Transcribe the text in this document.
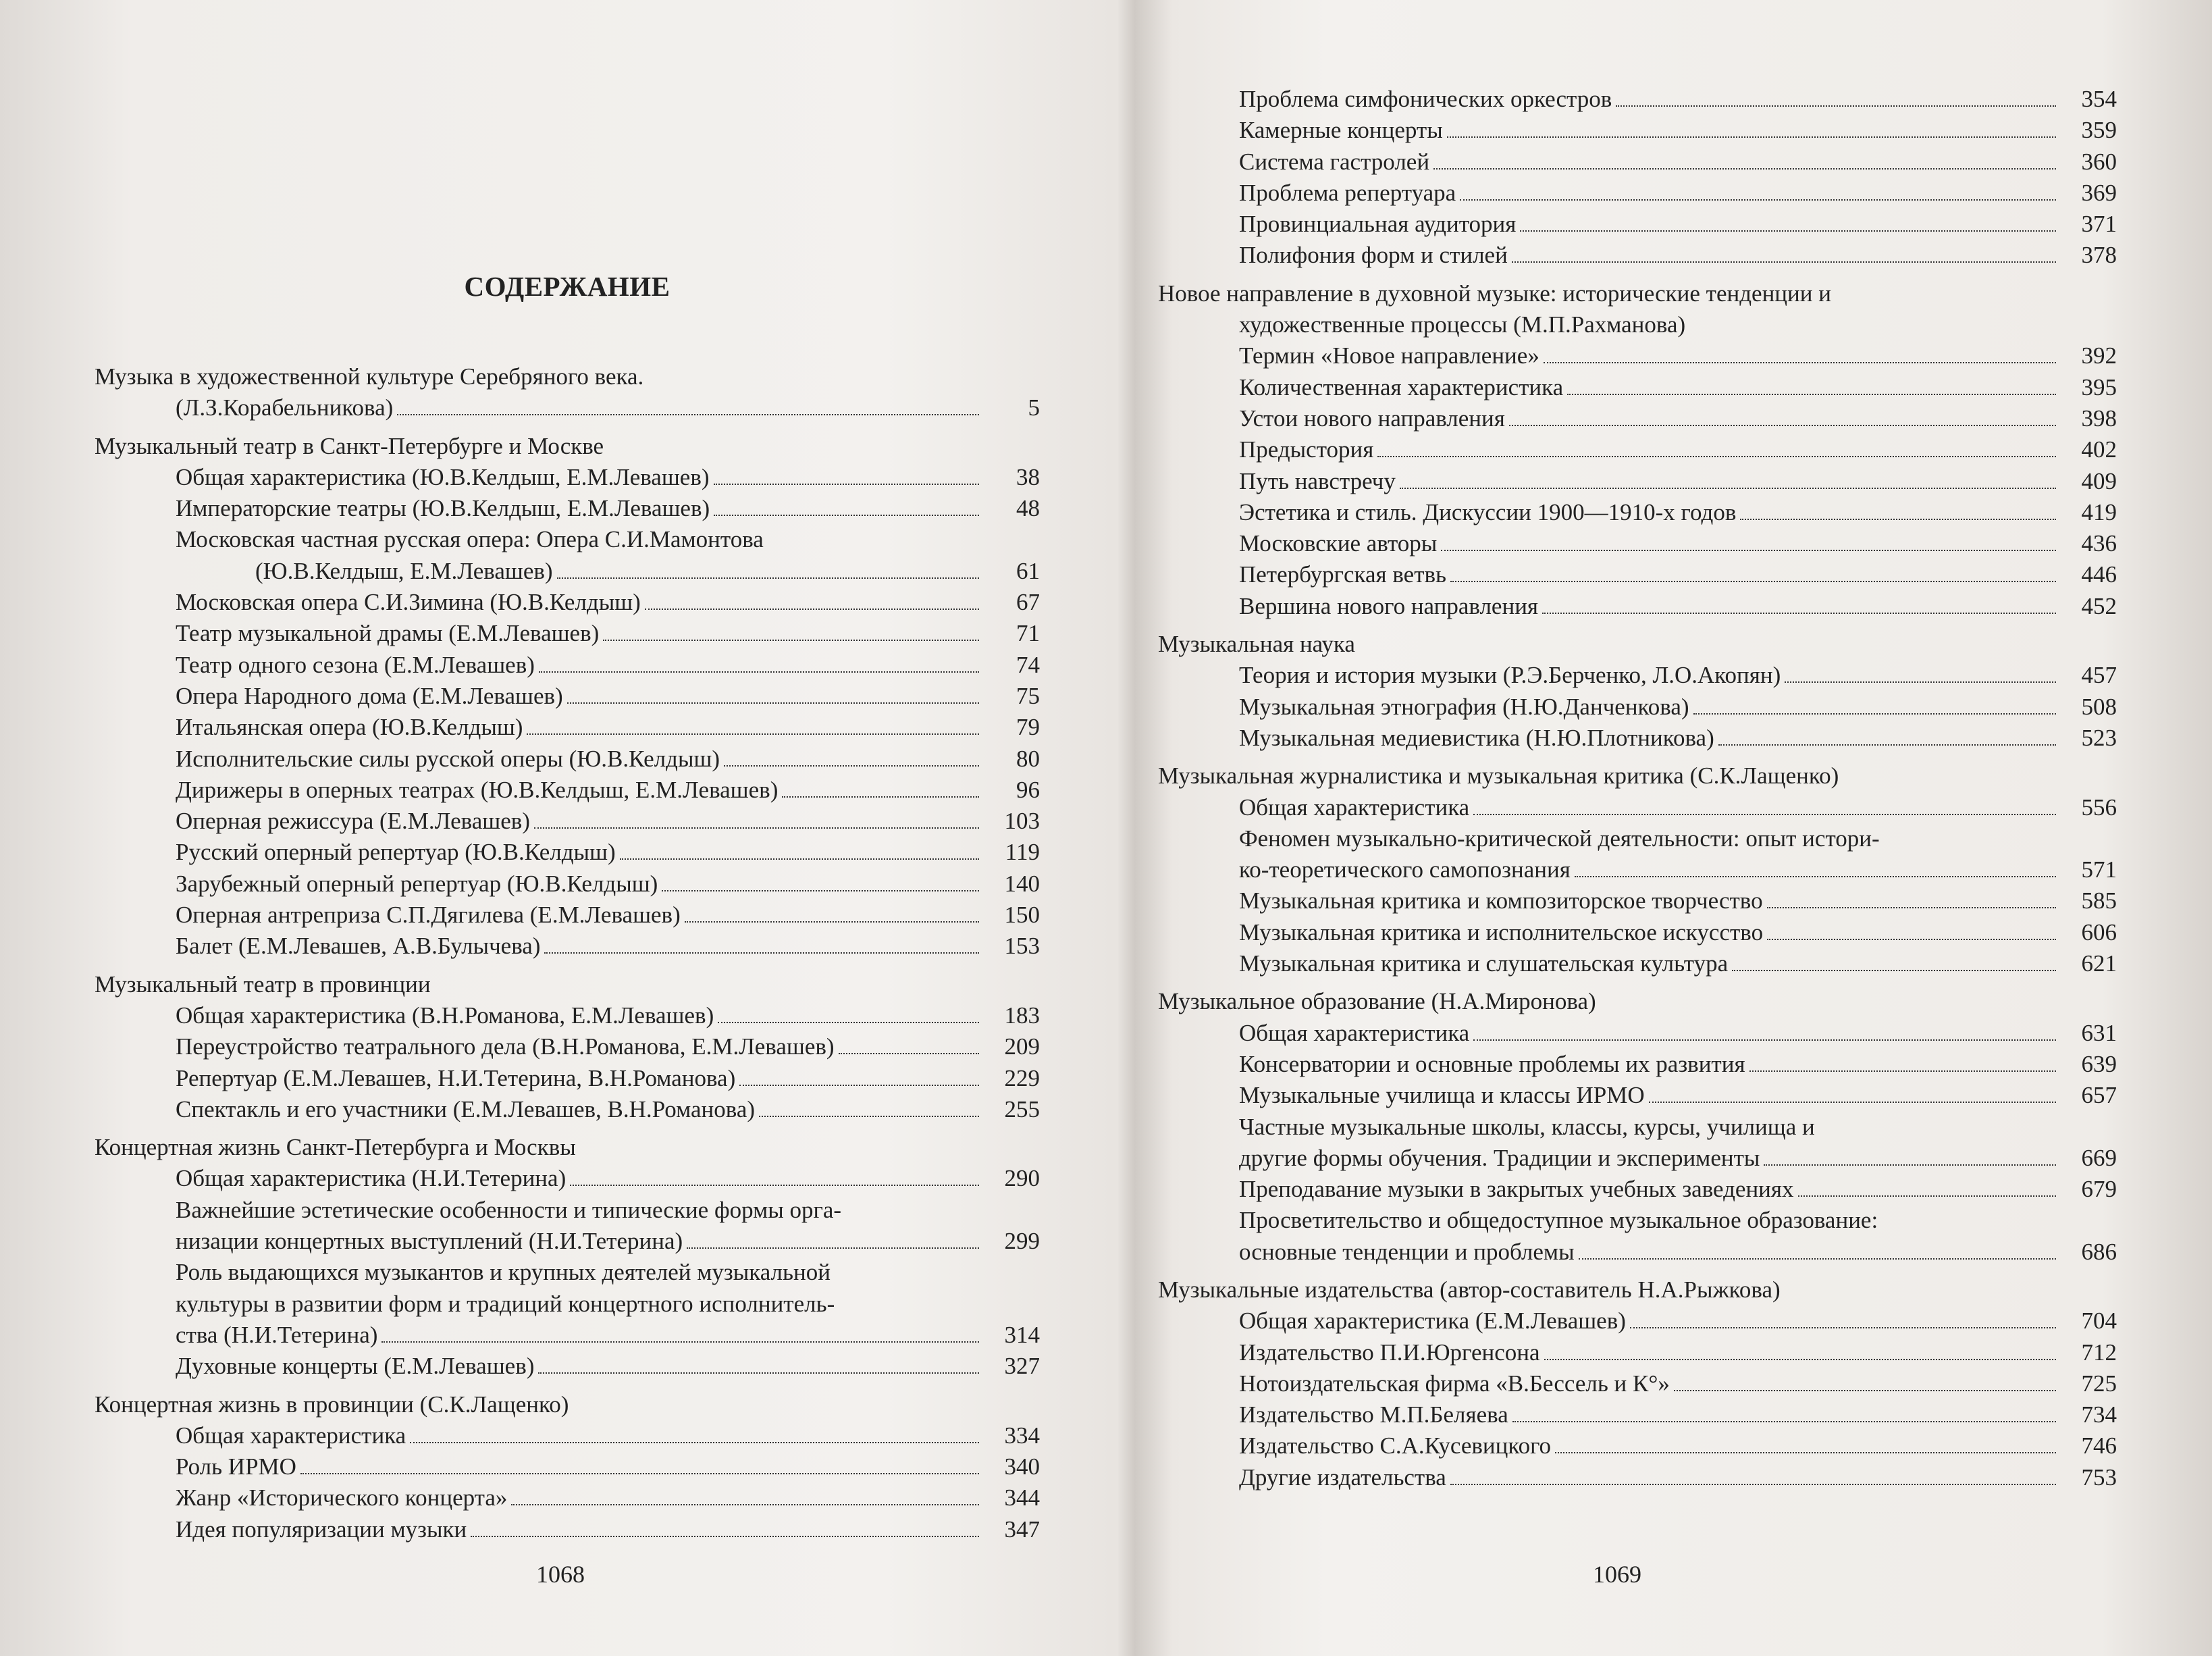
СОДЕРЖАНИЕ
Музыка в художественной культуре Серебряного века.
(Л.З.Корабельникова)	5
Музыкальный театр в Санкт-Петербурге и Москве
Общая характеристика (Ю.В.Келдыш, Е.М.Левашев)	38
Императорские театры (Ю.В.Келдыш, Е.М.Левашев)	48
Московская частная русская опера: Опера С.И.Мамонтова
(Ю.В.Келдыш, Е.М.Левашев)	61
Московская опера С.И.Зимина (Ю.В.Келдыш)	67
Театр музыкальной драмы (Е.М.Левашев)	71
Театр одного сезона (Е.М.Левашев)	74
Опера Народного дома (Е.М.Левашев)	75
Итальянская опера (Ю.В.Келдыш)	79
Исполнительские силы русской оперы (Ю.В.Келдыш)	80
Дирижеры в оперных театрах (Ю.В.Келдыш, Е.М.Левашев)	96
Оперная режиссура (Е.М.Левашев)	103
Русский оперный репертуар (Ю.В.Келдыш)	119
Зарубежный оперный репертуар (Ю.В.Келдыш)	140
Оперная антреприза С.П.Дягилева (Е.М.Левашев)	150
Балет (Е.М.Левашев, А.В.Булычева)	153
Музыкальный театр в провинции
Общая характеристика (В.Н.Романова, Е.М.Левашев)	183
Переустройство театрального дела (В.Н.Романова, Е.М.Левашев)	209
Репертуар (Е.М.Левашев, Н.И.Тетерина, В.Н.Романова)	229
Спектакль и его участники (Е.М.Левашев, В.Н.Романова)	255
Концертная жизнь Санкт-Петербурга и Москвы
Общая характеристика (Н.И.Тетерина)	290
Важнейшие эстетические особенности и типические формы орга-
низации концертных выступлений (Н.И.Тетерина)	299
Роль выдающихся музыкантов и крупных деятелей музыкальной
культуры в развитии форм и традиций концертного исполнитель-
ства (Н.И.Тетерина)	314
Духовные концерты (Е.М.Левашев)	327
Концертная жизнь в провинции (С.К.Лащенко)
Общая характеристика	334
Роль ИРМО	340
Жанр «Исторического концерта»	344
Идея популяризации музыки	347
1068
Проблема симфонических оркестров	354
Камерные концерты	359
Система гастролей	360
Проблема репертуара	369
Провинциальная аудитория	371
Полифония форм и стилей	378
Новое направление в духовной музыке: исторические тенденции и
художественные процессы (М.П.Рахманова)
Термин «Новое направление»	392
Количественная характеристика	395
Устои нового направления	398
Предыстория	402
Путь навстречу	409
Эстетика и стиль. Дискуссии 1900—1910-х годов	419
Московские авторы	436
Петербургская ветвь	446
Вершина нового направления	452
Музыкальная наука
Теория и история музыки (Р.Э.Берченко, Л.О.Акопян)	457
Музыкальная этнография (Н.Ю.Данченкова)	508
Музыкальная медиевистика (Н.Ю.Плотникова)	523
Музыкальная журналистика и музыкальная критика (С.К.Лащенко)
Общая характеристика	556
Феномен музыкально-критической деятельности: опыт истори-
ко-теоретического самопознания	571
Музыкальная критика и композиторское творчество	585
Музыкальная критика и исполнительское искусство	606
Музыкальная критика и слушательская культура	621
Музыкальное образование (Н.А.Миронова)
Общая характеристика	631
Консерватории и основные проблемы их развития	639
Музыкальные училища и классы ИРМО	657
Частные музыкальные школы, классы, курсы, училища и
другие формы обучения. Традиции и эксперименты	669
Преподавание музыки в закрытых учебных заведениях	679
Просветительство и общедоступное музыкальное образование:
основные тенденции и проблемы	686
Музыкальные издательства (автор-составитель Н.А.Рыжкова)
Общая характеристика (Е.М.Левашев)	704
Издательство П.И.Юргенсона	712
Нотоиздательская фирма «В.Бессель и К°»	725
Издательство М.П.Беляева	734
Издательство С.А.Кусевицкого	746
Другие издательства	753
1069
